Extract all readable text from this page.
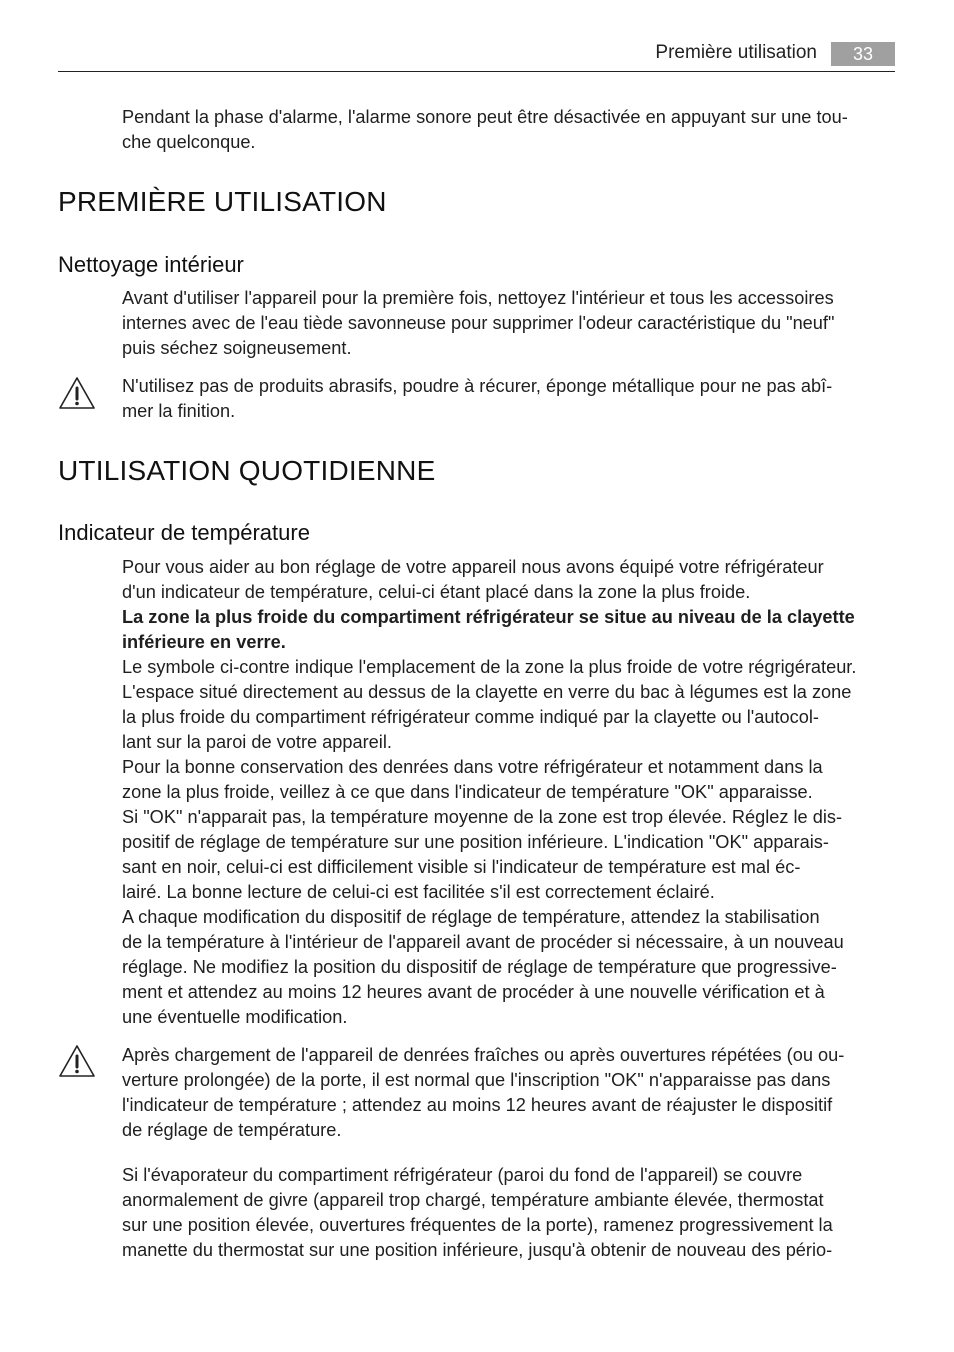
Première utilisation	33
Pendant la phase d'alarme, l'alarme sonore peut être désactivée en appuyant sur une tou-
che quelconque.
PREMIÈRE UTILISATION
Nettoyage intérieur
Avant d'utiliser l'appareil pour la première fois, nettoyez l'intérieur et tous les accessoires
internes avec de l'eau tiède savonneuse pour supprimer l'odeur caractéristique du "neuf"
puis séchez soigneusement.
N'utilisez pas de produits abrasifs, poudre à récurer, éponge métallique pour ne pas abî-
mer la finition.
UTILISATION QUOTIDIENNE
Indicateur de température
Pour vous aider au bon réglage de votre appareil nous avons équipé votre réfrigérateur
d'un indicateur de température, celui-ci étant placé dans la zone la plus froide.
La zone la plus froide du compartiment réfrigérateur se situe au niveau de la clayette
inférieure en verre.
Le symbole ci-contre indique l'emplacement de la zone la plus froide de votre régrigérateur.
L'espace situé directement au dessus de la clayette en verre du bac à légumes est la zone
la plus froide du compartiment réfrigérateur comme indiqué par la clayette ou l'autocol-
lant sur la paroi de votre appareil.
Pour la bonne conservation des denrées dans votre réfrigérateur et notamment dans la
zone la plus froide, veillez à ce que dans l'indicateur de température "OK" apparaisse.
Si "OK" n'apparait pas, la température moyenne de la zone est trop élevée. Réglez le dis-
positif de réglage de température sur une position inférieure. L'indication "OK" apparais-
sant en noir, celui-ci est difficilement visible si l'indicateur de température est mal éc-
lairé. La bonne lecture de celui-ci est facilitée s'il est correctement éclairé.
A chaque modification du dispositif de réglage de température, attendez la stabilisation
de la température à l'intérieur de l'appareil avant de procéder si nécessaire, à un nouveau
réglage. Ne modifiez la position du dispositif de réglage de température que progressive-
ment et attendez au moins 12 heures avant de procéder à une nouvelle vérification et à
une éventuelle modification.
Après chargement de l'appareil de denrées fraîches ou après ouvertures répétées (ou ou-
verture prolongée) de la porte, il est normal que l'inscription "OK" n'apparaisse pas dans
l'indicateur de température ; attendez au moins 12 heures avant de réajuster le dispositif
de réglage de température.
Si l'évaporateur du compartiment réfrigérateur (paroi du fond de l'appareil) se couvre
anormalement de givre (appareil trop chargé, température ambiante élevée, thermostat
sur une position élevée, ouvertures fréquentes de la porte), ramenez progressivement la
manette du thermostat sur une position inférieure, jusqu'à obtenir de nouveau des pério-
